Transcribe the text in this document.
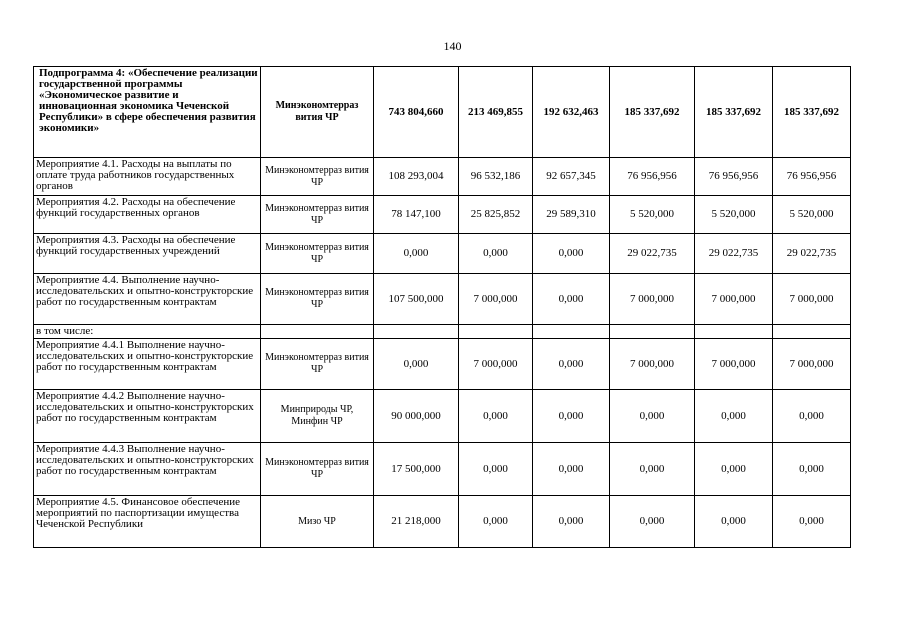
140
Подпрограмма 4: «Обеспечение реализации государственной программы «Экономическое развитие и инновационная экономика Чеченской Республики» в сфере обеспечения развития экономики»	Минэкономтерраз вития ЧР	743 804,660	213 469,855	192 632,463	185 337,692	185 337,692	185 337,692
Мероприятие 4.1. Расходы на выплаты по оплате труда работников государственных органов	Минэкономтерраз вития ЧР	108 293,004	96 532,186	92 657,345	76 956,956	76 956,956	76 956,956
Мероприятия 4.2. Расходы на обеспечение функций государственных органов	Минэкономтерраз вития ЧР	78 147,100	25 825,852	29 589,310	5 520,000	5 520,000	5 520,000
Мероприятия 4.3. Расходы на обеспечение функций государственных учреждений	Минэкономтерраз вития ЧР	0,000	0,000	0,000	29 022,735	29 022,735	29 022,735
Мероприятие 4.4. Выполнение научно-исследовательских и опытно-конструкторские работ по государственным контрактам	Минэкономтерраз вития ЧР	107 500,000	7 000,000	0,000	7 000,000	7 000,000	7 000,000
в том числе:							
Мероприятие 4.4.1 Выполнение научно-исследовательских и опытно-конструкторские работ по государственным контрактам	Минэкономтерраз вития ЧР	0,000	7 000,000	0,000	7 000,000	7 000,000	7 000,000
Мероприятие 4.4.2 Выполнение научно-исследовательских и опытно-конструкторских работ по государственным контрактам	Минприроды ЧР, Минфин ЧР	90 000,000	0,000	0,000	0,000	0,000	0,000
Мероприятие 4.4.3 Выполнение научно-исследовательских и опытно-конструкторских работ по государственным контрактам	Минэкономтерраз вития ЧР	17 500,000	0,000	0,000	0,000	0,000	0,000
Мероприятие 4.5. Финансовое обеспечение мероприятий по паспортизации имущества Чеченской Республики	Мизо ЧР	21 218,000	0,000	0,000	0,000	0,000	0,000
